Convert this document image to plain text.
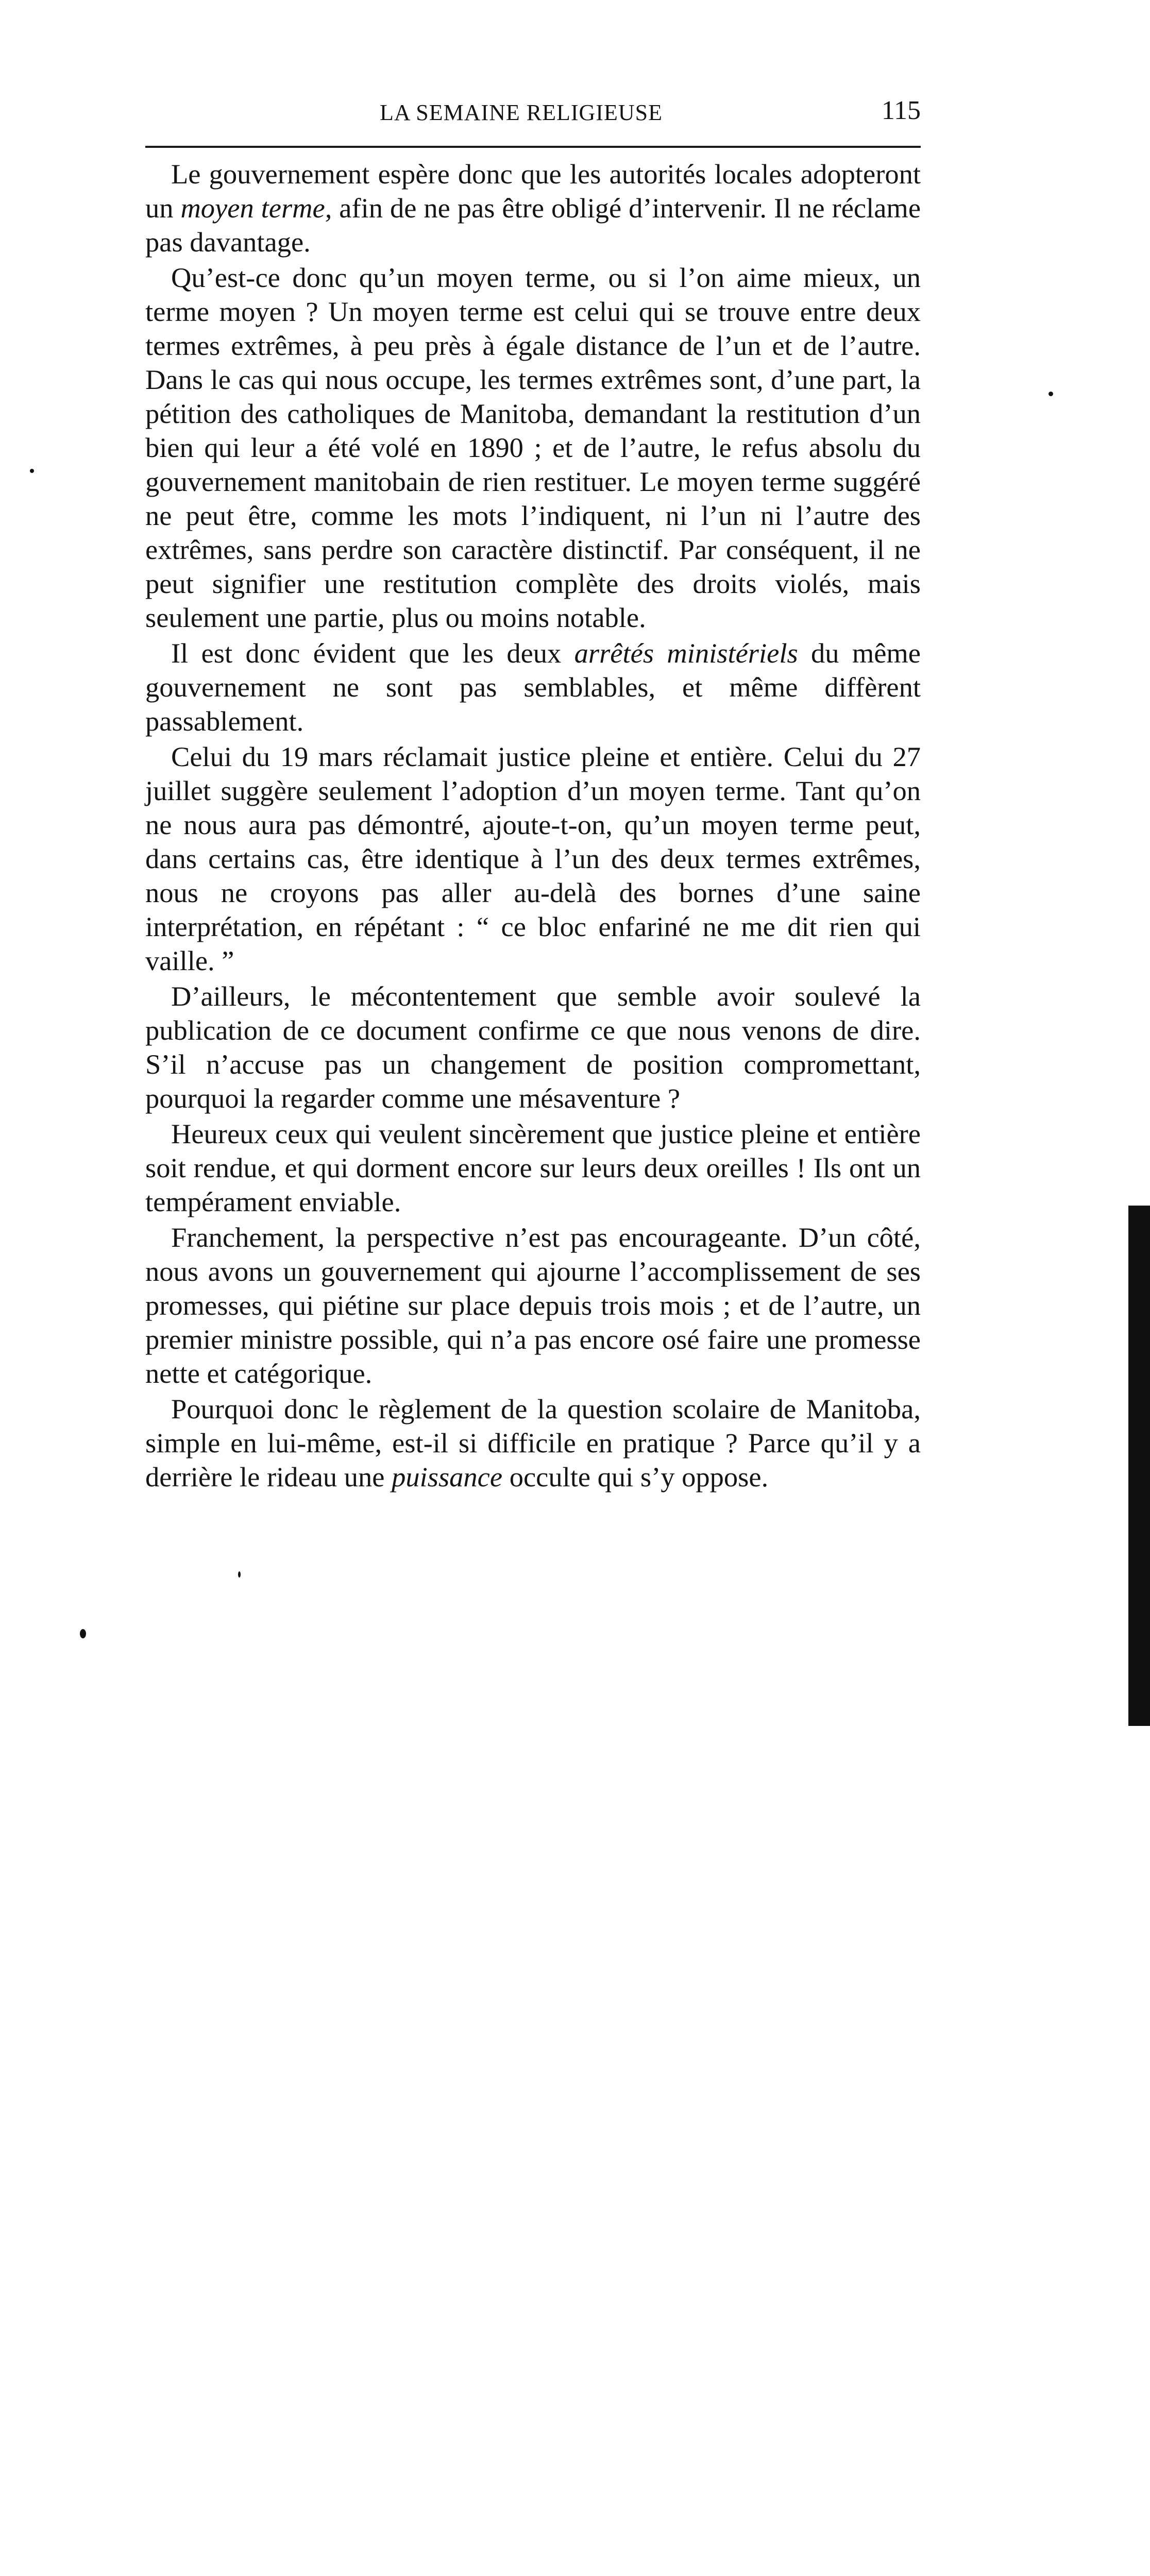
LA SEMAINE RELIGIEUSE	115

Le gouvernement espère donc que les autorités locales adopteront un moyen terme, afin de ne pas être obligé d’intervenir. Il ne réclame pas davantage.

Qu’est-ce donc qu’un moyen terme, ou si l’on aime mieux, un terme moyen ? Un moyen terme est celui qui se trouve entre deux termes extrêmes, à peu près à égale distance de l’un et de l’autre. Dans le cas qui nous occupe, les termes extrêmes sont, d’une part, la pétition des catholiques de Manitoba, demandant la restitution d’un bien qui leur a été volé en 1890 ; et de l’autre, le refus absolu du gouvernement manitobain de rien restituer. Le moyen terme suggéré ne peut être, comme les mots l’indiquent, ni l’un ni l’autre des extrêmes, sans perdre son caractère distinctif. Par conséquent, il ne peut signifier une restitution complète des droits violés, mais seulement une partie, plus ou moins notable.

Il est donc évident que les deux arrêtés ministériels du même gouvernement ne sont pas semblables, et même diffèrent passablement.

Celui du 19 mars réclamait justice pleine et entière. Celui du 27 juillet suggère seulement l’adoption d’un moyen terme. Tant qu’on ne nous aura pas démontré, ajoute-t-on, qu’un moyen terme peut, dans certains cas, être identique à l’un des deux termes extrêmes, nous ne croyons pas aller au-delà des bornes d’une saine interprétation, en répétant : “ ce bloc enfariné ne me dit rien qui vaille. ”

D’ailleurs, le mécontentement que semble avoir soulevé la publication de ce document confirme ce que nous venons de dire. S’il n’accuse pas un changement de position compromettant, pourquoi la regarder comme une mésaventure ?

Heureux ceux qui veulent sincèrement que justice pleine et entière soit rendue, et qui dorment encore sur leurs deux oreilles ! Ils ont un tempérament enviable.

Franchement, la perspective n’est pas encourageante. D’un côté, nous avons un gouvernement qui ajourne l’accomplissement de ses promesses, qui piétine sur place depuis trois mois ; et de l’autre, un premier ministre possible, qui n’a pas encore osé faire une promesse nette et catégorique.

Pourquoi donc le règlement de la question scolaire de Manitoba, simple en lui-même, est-il si difficile en pratique ? Parce qu’il y a derrière le rideau une puissance occulte qui s’y oppose.
